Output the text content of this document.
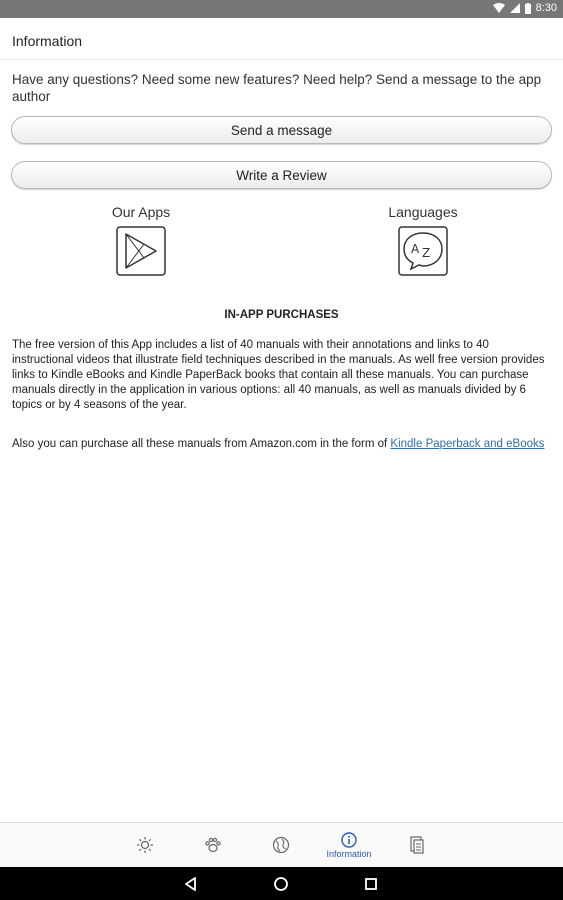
8:30
Information
Have any questions? Need some new features? Need help? Send a message to the app author
Send a message
Write a Review
Our Apps	Languages
A Z
IN-APP PURCHASES
The free version of this App includes a list of 40 manuals with their annotations and links to 40 instructional videos that illustrate field techniques described in the manuals. As well free version provides links to Kindle eBooks and Kindle PaperBack books that contain all these manuals. You can purchase manuals directly in the application in various options: all 40 manuals, as well as manuals divided by 6 topics or by 4 seasons of the year.
Also you can purchase all these manuals from Amazon.com in the form of Kindle Paperback and eBooks
Information
